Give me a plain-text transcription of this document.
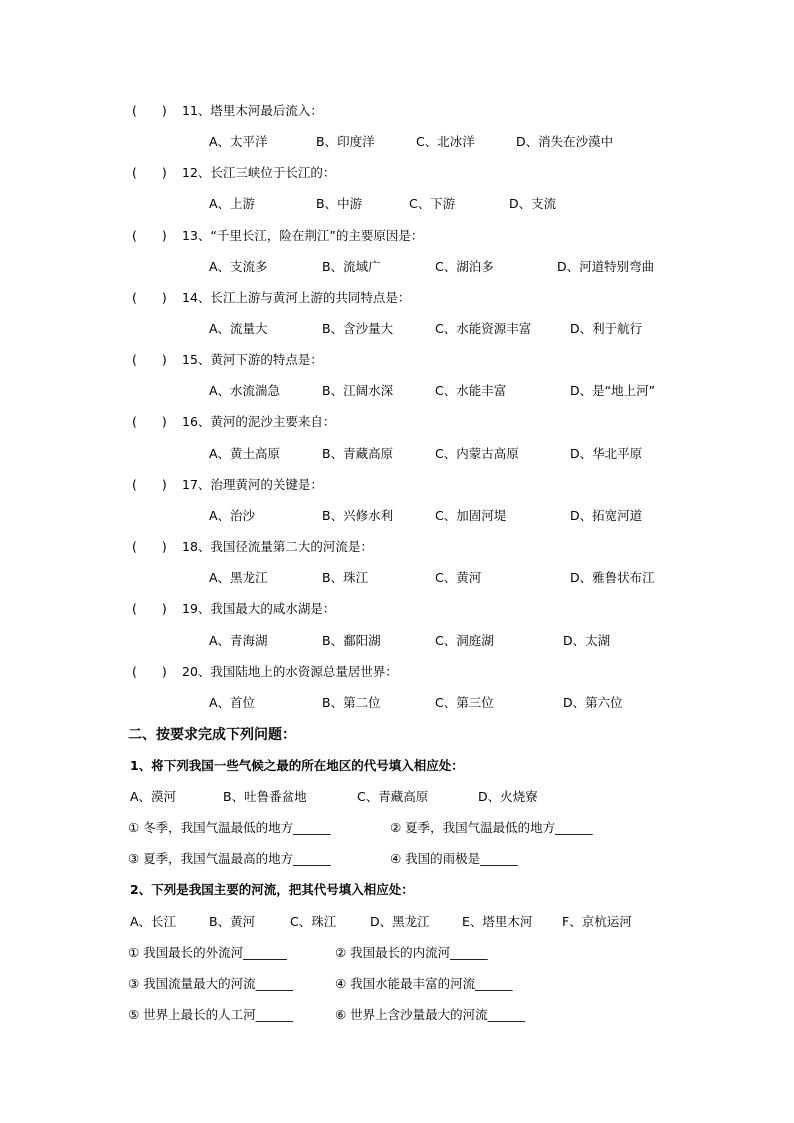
(　　) 11、塔里木河最后流入：
A、太平洋	B、印度洋	C、北冰洋	D、消失在沙漠中
(　　) 12、长江三峡位于长江的：
A、上游	B、中游	C、下游	D、支流
(　　) 13、“千里长江，险在荆江”的主要原因是：
A、支流多	B、流域广	C、湖泊多	D、河道特别弯曲
(　　) 14、长江上游与黄河上游的共同特点是：
A、流量大	B、含沙量大	C、水能资源丰富	D、利于航行
(　　) 15、黄河下游的特点是：
A、水流湍急	B、江阔水深	C、水能丰富	D、是“地上河”
(　　) 16、黄河的泥沙主要来自：
A、黄土高原	B、青藏高原	C、内蒙古高原	D、华北平原
(　　) 17、治理黄河的关键是：
A、治沙	B、兴修水利	C、加固河堤	D、拓宽河道
(　　) 18、我国径流量第二大的河流是：
A、黑龙江	B、珠江	C、黄河	D、雅鲁状布江
(　　) 19、我国最大的咸水湖是：
A、青海湖	B、鄱阳湖	C、洞庭湖	D、太湖
(　　) 20、我国陆地上的水资源总量居世界：
A、首位	B、第二位	C、第三位	D、第六位
二、按要求完成下列问题：
1、将下列我国一些气候之最的所在地区的代号填入相应处：
A、漠河	B、吐鲁番盆地	C、青藏高原	D、火烧寮
① 冬季，我国气温最低的地方______	② 夏季，我国气温最低的地方______
③ 夏季，我国气温最高的地方______	④ 我国的雨极是______
2、下列是我国主要的河流，把其代号填入相应处：
A、长江	B、黄河	C、珠江	D、黑龙江	E、塔里木河 F、京杭运河
① 我国最长的外流河_______	② 我国最长的内流河______
③ 我国流量最大的河流______	④ 我国水能最丰富的河流______
⑤ 世界上最长的人工河______	⑥ 世界上含沙量最大的河流______
